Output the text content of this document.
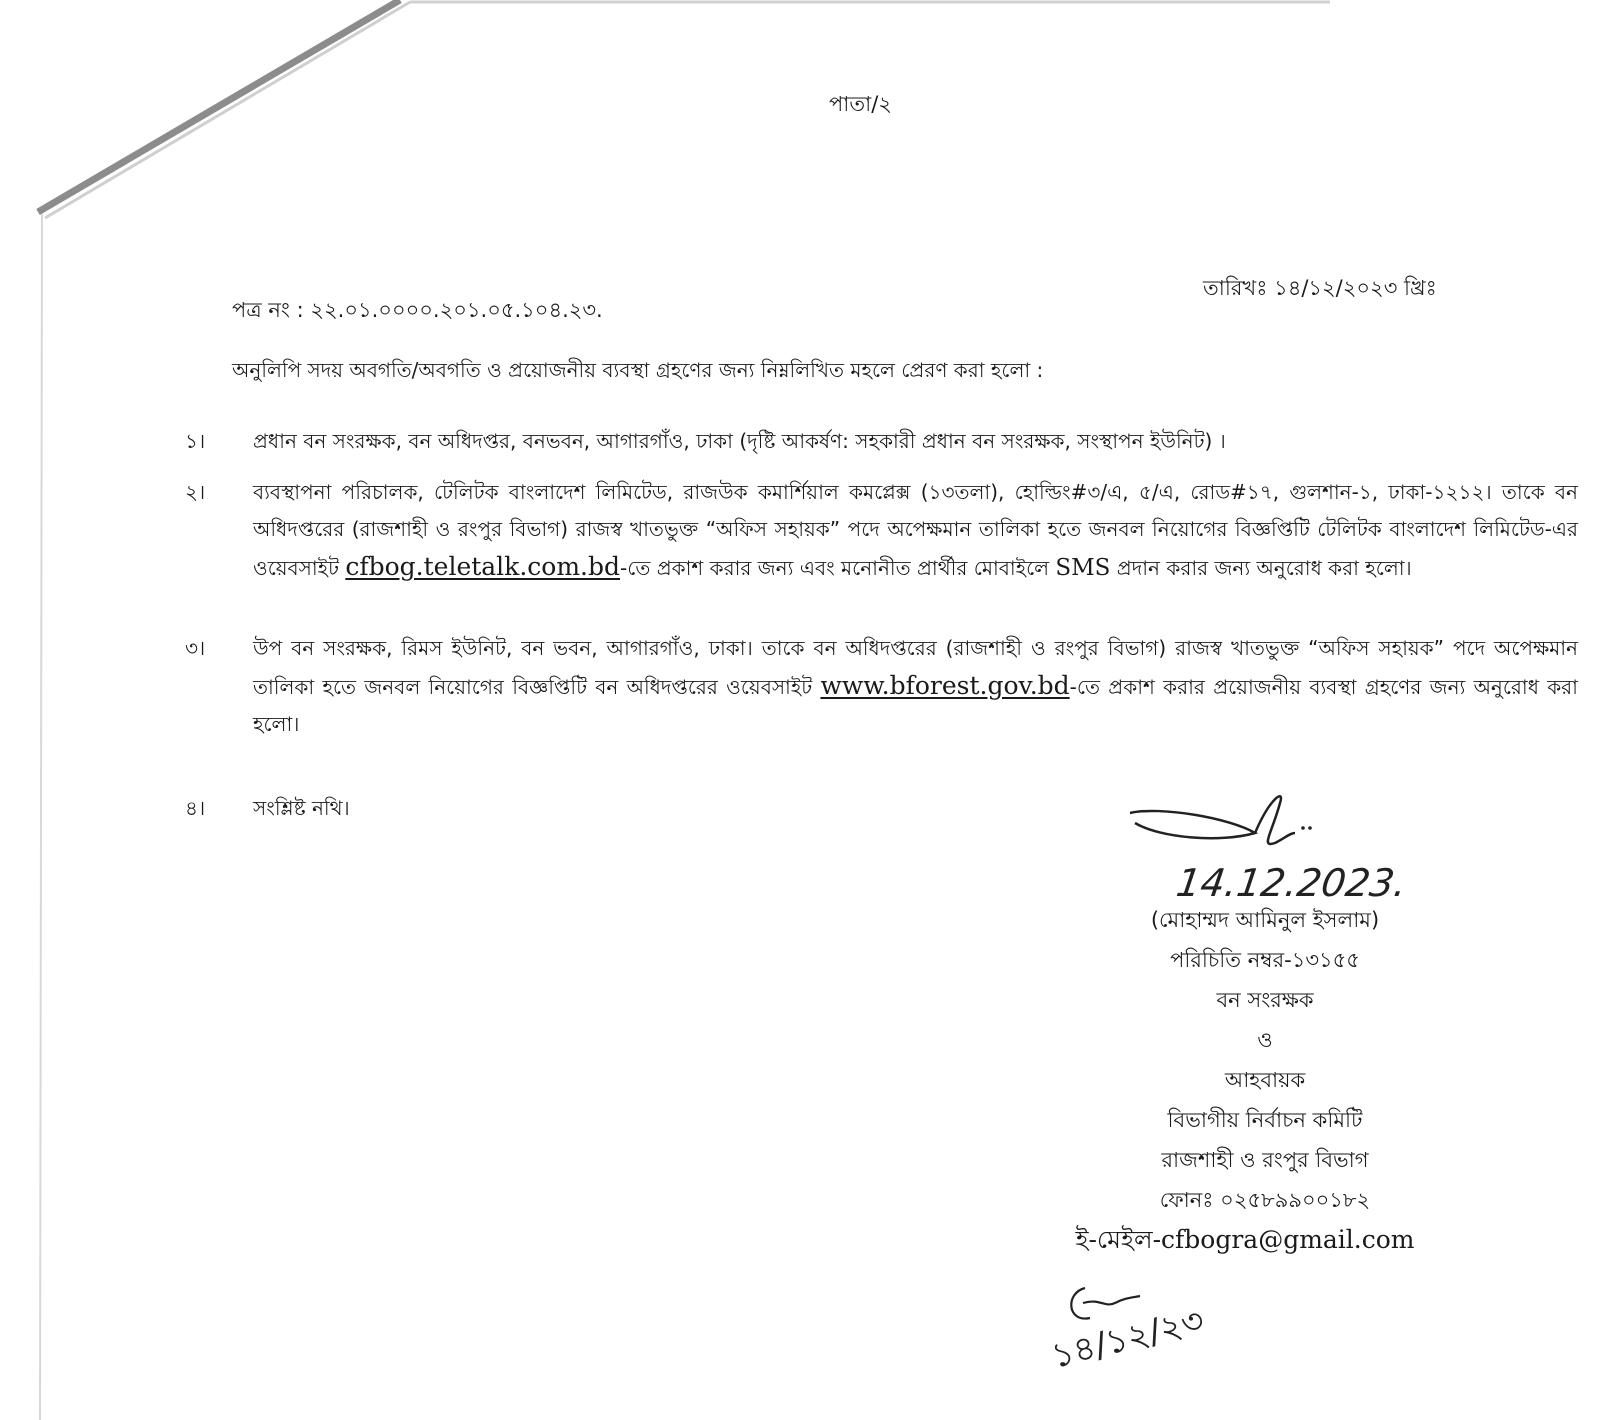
পাতা/২
পত্র নং : ২২.০১.০০০০.২০১.০৫.১০৪.২৩.
তারিখঃ ১৪/১২/২০২৩ খ্রিঃ
অনুলিপি সদয় অবগতি/অবগতি ও প্রয়োজনীয় ব্যবস্থা গ্রহণের জন্য নিম্নলিখিত মহলে প্রেরণ করা হলো :
১।	প্রধান বন সংরক্ষক, বন অধিদপ্তর, বনভবন, আগারগাঁও, ঢাকা (দৃষ্টি আকর্ষণ: সহকারী প্রধান বন সংরক্ষক, সংস্থাপন ইউনিট) ।
২।	ব্যবস্থাপনা পরিচালক, টেলিটক বাংলাদেশ লিমিটেড, রাজউক কমার্শিয়াল কমপ্লেক্স (১৩তলা), হোল্ডিং#৩/এ, ৫/এ, রোড#১৭, গুলশান-১, ঢাকা-১২১২। তাকে বন অধিদপ্তরের (রাজশাহী ও রংপুর বিভাগ) রাজস্ব খাতভুক্ত “অফিস সহায়ক” পদে অপেক্ষমান তালিকা হতে জনবল নিয়োগের বিজ্ঞপ্তিটি টেলিটক বাংলাদেশ লিমিটেড-এর ওয়েবসাইট cfbog.teletalk.com.bd-তে প্রকাশ করার জন্য এবং মনোনীত প্রার্থীর মোবাইলে SMS প্রদান করার জন্য অনুরোধ করা হলো।
৩।	উপ বন সংরক্ষক, রিমস ইউনিট, বন ভবন, আগারগাঁও, ঢাকা। তাকে বন অধিদপ্তরের (রাজশাহী ও রংপুর বিভাগ) রাজস্ব খাতভুক্ত “অফিস সহায়ক” পদে অপেক্ষমান তালিকা হতে জনবল নিয়োগের বিজ্ঞপ্তিটি বন অধিদপ্তরের ওয়েবসাইট www.bforest.gov.bd-তে প্রকাশ করার প্রয়োজনীয় ব্যবস্থা গ্রহণের জন্য অনুরোধ করা হলো।
৪।	সংশ্লিষ্ট নথি।
14.12.2023.
(মোহাম্মদ আমিনুল ইসলাম)
পরিচিতি নম্বর-১৩১৫৫
বন সংরক্ষক
ও
আহবায়ক
বিভাগীয় নির্বাচন কমিটি
রাজশাহী ও রংপুর বিভাগ
ফোনঃ ০২৫৮৯৯০০১৮২
ই-মেইল-cfbogra@gmail.com
১৪/১২/২৩
